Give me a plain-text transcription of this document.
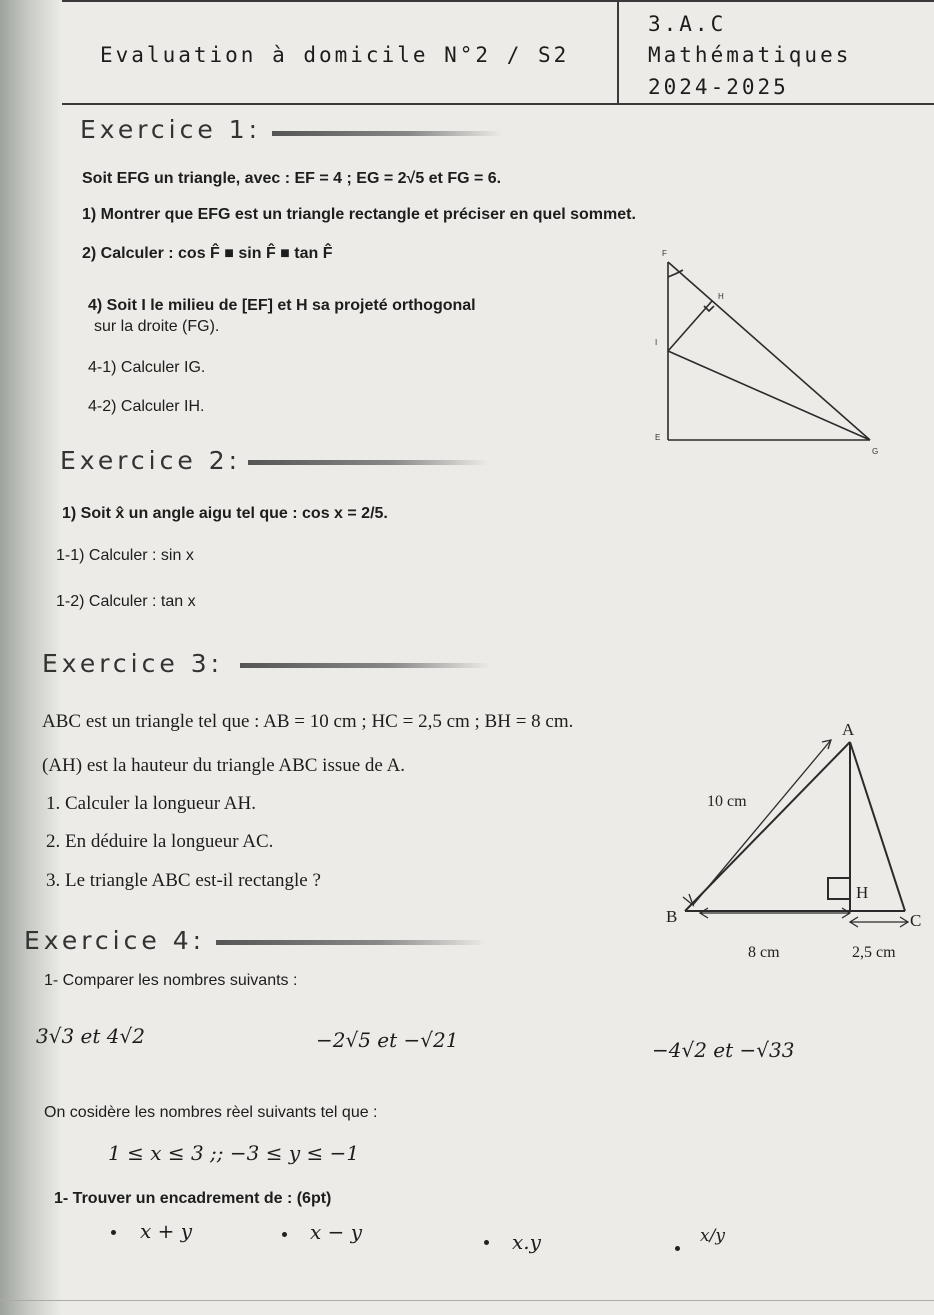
Evaluation à domicile N°2 / S2
3.A.C
Mathématiques
2024-2025
Exercice 1:
Soit EFG un triangle, avec : EF = 4 ; EG = 2√5 et FG = 6.
1) Montrer que EFG est un triangle rectangle et préciser en quel sommet.
2) Calculer : cos F̂ ■ sin F̂ ■ tan F̂
4) Soit I le milieu de [EF] et H sa projeté orthogonal
sur la droite (FG).
4-1) Calculer IG.
4-2) Calculer IH.
F
H
I
E
G
Exercice 2:
1) Soit x̂ un angle aigu tel que : cos x = 2/5.
1-1) Calculer : sin x
1-2) Calculer : tan x
Exercice 3:
ABC est un triangle tel que : AB = 10 cm ; HC = 2,5 cm ; BH = 8 cm.
(AH) est la hauteur du triangle ABC issue de A.
1. Calculer la longueur AH.
2. En déduire la longueur AC.
3. Le triangle ABC est-il rectangle ?
A
B	C
H
10 cm
8 cm	2,5 cm
Exercice 4:
1- Comparer les nombres suivants :
3√3 et 4√2	−2√5 et −√21	−4√2 et −√33
On cosidère les nombres rèel suivants tel que :
1 ≤ x ≤ 3 ;; −3 ≤ y ≤ −1
1- Trouver un encadrement de : (6pt)
x + y	x − y	x.y	x/y
